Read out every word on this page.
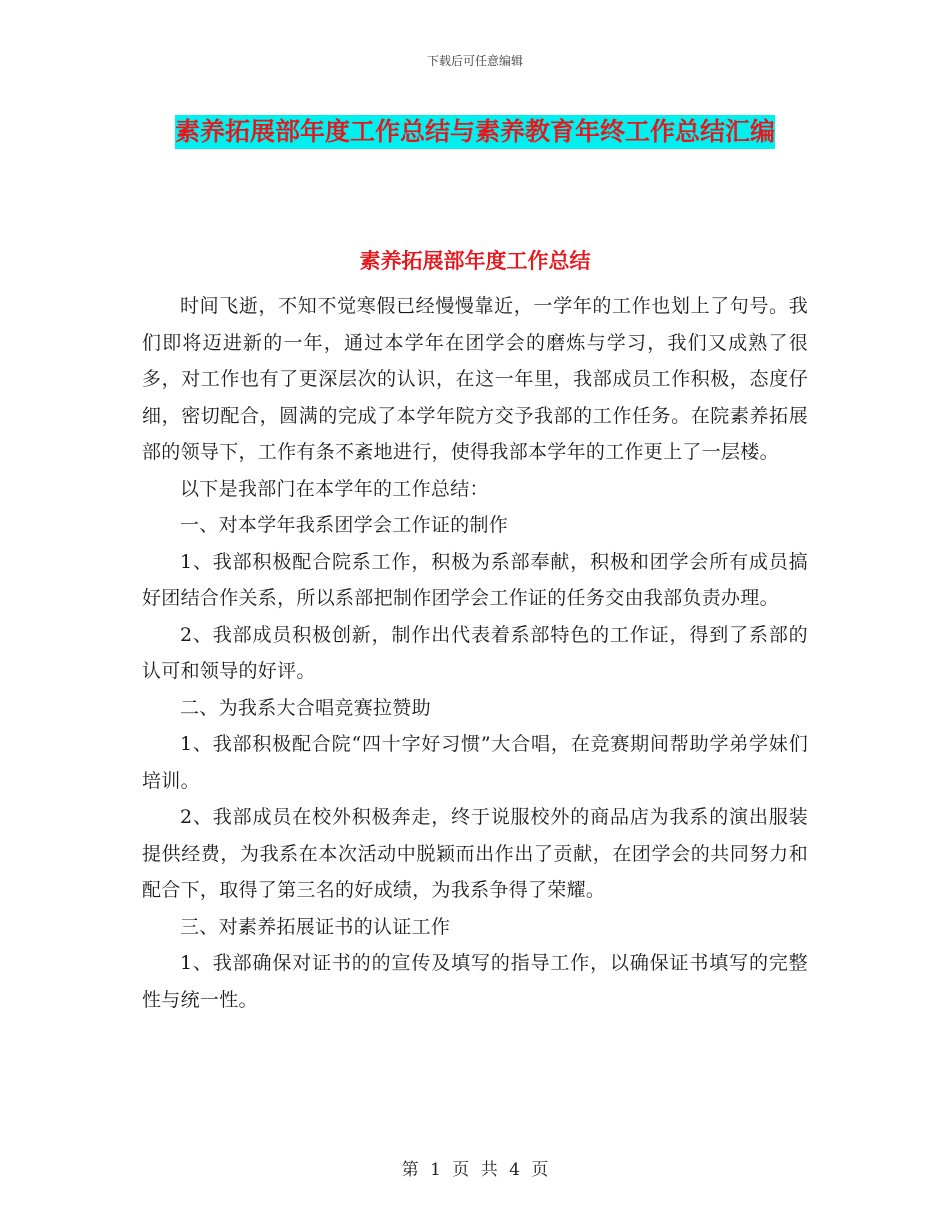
下载后可任意编辑
素养拓展部年度工作总结与素养教育年终工作总结汇编
素养拓展部年度工作总结

时间飞逝，不知不觉寒假已经慢慢靠近，一学年的工作也划上了句号。我们即将迈进新的一年，通过本学年在团学会的磨炼与学习，我们又成熟了很多，对工作也有了更深层次的认识，在这一年里，我部成员工作积极，态度仔细，密切配合，圆满的完成了本学年院方交予我部的工作任务。在院素养拓展部的领导下，工作有条不紊地进行，使得我部本学年的工作更上了一层楼。

以下是我部门在本学年的工作总结：

一、对本学年我系团学会工作证的制作

1、我部积极配合院系工作，积极为系部奉献，积极和团学会所有成员搞好团结合作关系，所以系部把制作团学会工作证的任务交由我部负责办理。

2、我部成员积极创新，制作出代表着系部特色的工作证，得到了系部的认可和领导的好评。

二、为我系大合唱竞赛拉赞助

1、我部积极配合院“四十字好习惯”大合唱，在竞赛期间帮助学弟学妹们培训。

2、我部成员在校外积极奔走，终于说服校外的商品店为我系的演出服装提供经费，为我系在本次活动中脱颖而出作出了贡献，在团学会的共同努力和配合下，取得了第三名的好成绩，为我系争得了荣耀。

三、对素养拓展证书的认证工作

1、我部确保对证书的的宣传及填写的指导工作，以确保证书填写的完整性与统一性。

第 1 页 共 4 页
